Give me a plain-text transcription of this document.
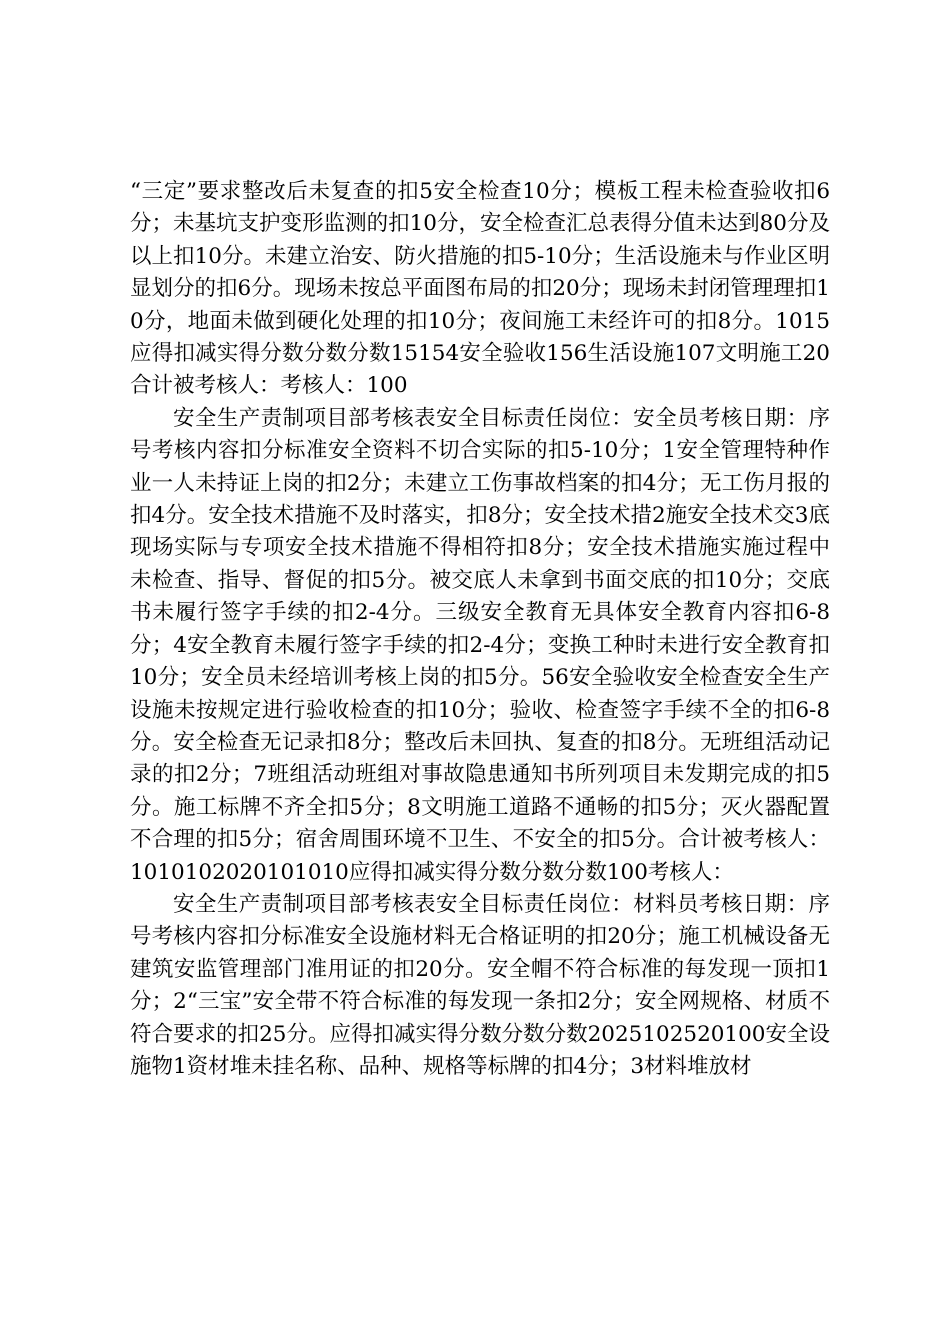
“三定”要求整改后未复查的扣5安全检查10分；模板工程未检查验收扣6分；未基坑支护变形监测的扣10分，安全检查汇总表得分值未达到80分及以上扣10分。未建立治安、防火措施的扣5-10分；生活设施未与作业区明显划分的扣6分。现场未按总平面图布局的扣20分；现场未封闭管理理扣10分，地面未做到硬化处理的扣10分；夜间施工未经许可的扣8分。1015应得扣减实得分数分数分数15154安全验收156生活设施107文明施工20合计被考核人：考核人：100

安全生产责制项目部考核表安全目标责任岗位：安全员考核日期：序号考核内容扣分标准安全资料不切合实际的扣5-10分；1安全管理特种作业一人未持证上岗的扣2分；未建立工伤事故档案的扣4分；无工伤月报的扣4分。安全技术措施不及时落实，扣8分；安全技术措2施安全技术交3底现场实际与专项安全技术措施不得相符扣8分；安全技术措施实施过程中未检查、指导、督促的扣5分。被交底人未拿到书面交底的扣10分；交底书未履行签字手续的扣2-4分。三级安全教育无具体安全教育内容扣6-8分；4安全教育未履行签字手续的扣2-4分；变换工种时未进行安全教育扣10分；安全员未经培训考核上岗的扣5分。56安全验收安全检查安全生产设施未按规定进行验收检查的扣10分；验收、检查签字手续不全的扣6-8分。安全检查无记录扣8分；整改后未回执、复查的扣8分。无班组活动记录的扣2分；7班组活动班组对事故隐患通知书所列项目未发期完成的扣5分。施工标牌不齐全扣5分；8文明施工道路不通畅的扣5分；灭火器配置不合理的扣5分；宿舍周围环境不卫生、不安全的扣5分。合计被考核人：101010202010101​0应得扣减实得分数分数分数100考核人：

安全生产责制项目部考核表安全目标责任岗位：材料员考核日期：序号考核内容扣分标准安全设施材料无合格证明的扣20分；施工机械设备无建筑安监管理部门准用证的扣20分。安全帽不符合标准的每发现一顶扣1分；2“三宝”安全带不符合标准的每发现一条扣2分；安全网规格、材质不符合要求的扣25分。应得扣减实得分数分数分数2025102520100安全设施物1资材堆未挂名称、品种、规格等标牌的扣4分；3材料堆放材
